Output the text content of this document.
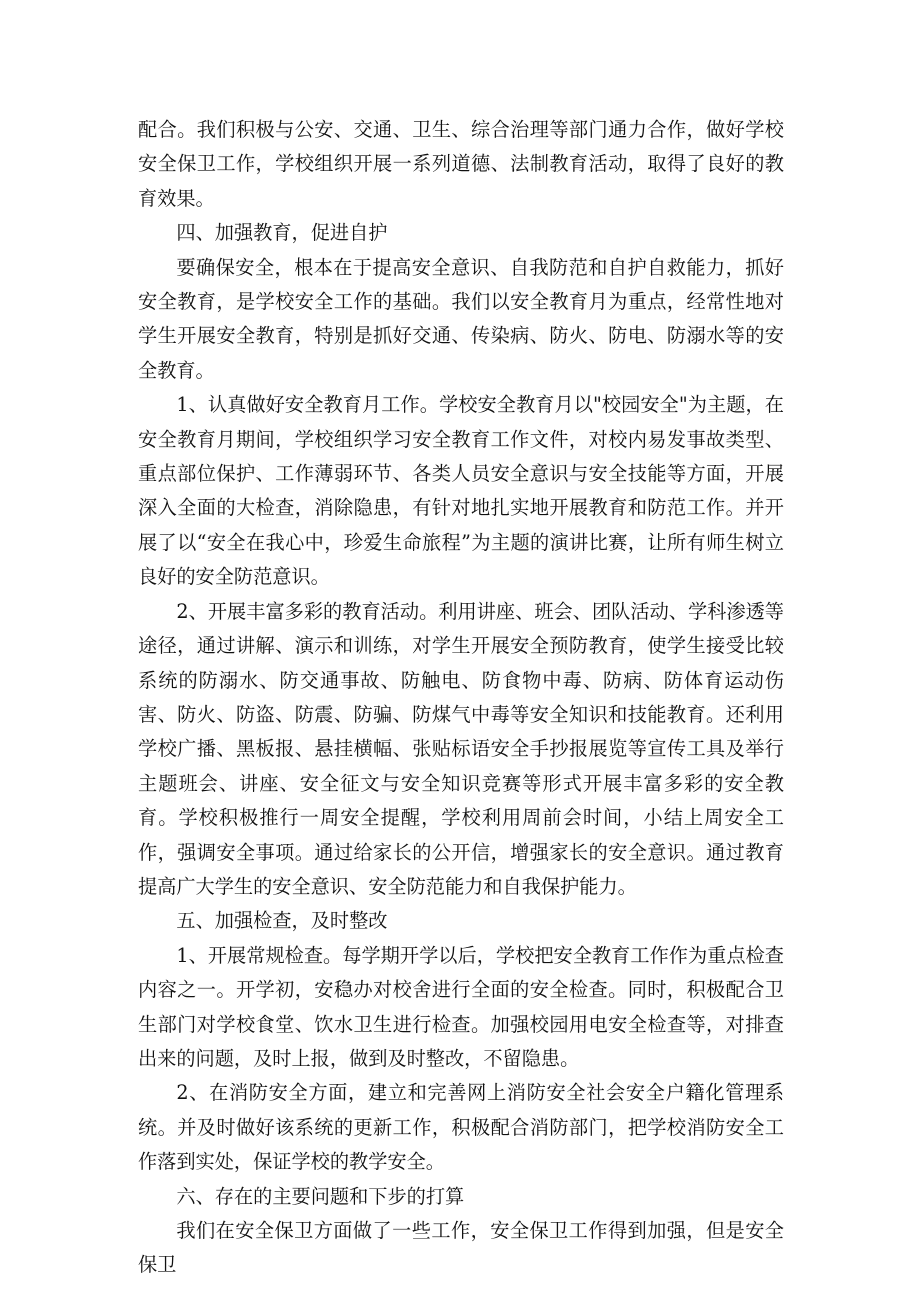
配合。我们积极与公安、交通、卫生、综合治理等部门通力合作，做好学校安全保卫工作，学校组织开展一系列道德、法制教育活动，取得了良好的教育效果。

四、加强教育，促进自护

要确保安全，根本在于提高安全意识、自我防范和自护自救能力，抓好安全教育，是学校安全工作的基础。我们以安全教育月为重点，经常性地对学生开展安全教育，特别是抓好交通、传染病、防火、防电、防溺水等的安全教育。

1、认真做好安全教育月工作。学校安全教育月以"校园安全"为主题，在安全教育月期间，学校组织学习安全教育工作文件，对校内易发事故类型、重点部位保护、工作薄弱环节、各类人员安全意识与安全技能等方面，开展深入全面的大检查，消除隐患，有针对地扎实地开展教育和防范工作。并开展了以“安全在我心中，珍爱生命旅程”为主题的演讲比赛，让所有师生树立良好的安全防范意识。

2、开展丰富多彩的教育活动。利用讲座、班会、团队活动、学科渗透等途径，通过讲解、演示和训练，对学生开展安全预防教育，使学生接受比较系统的防溺水、防交通事故、防触电、防食物中毒、防病、防体育运动伤害、防火、防盗、防震、防骗、防煤气中毒等安全知识和技能教育。还利用学校广播、黑板报、悬挂横幅、张贴标语安全手抄报展览等宣传工具及举行主题班会、讲座、安全征文与安全知识竞赛等形式开展丰富多彩的安全教育。学校积极推行一周安全提醒，学校利用周前会时间，小结上周安全工作，强调安全事项。通过给家长的公开信，增强家长的安全意识。通过教育提高广大学生的安全意识、安全防范能力和自我保护能力。

五、加强检查，及时整改

1、开展常规检查。每学期开学以后，学校把安全教育工作作为重点检查内容之一。开学初，安稳办对校舍进行全面的安全检查。同时，积极配合卫生部门对学校食堂、饮水卫生进行检查。加强校园用电安全检查等，对排查出来的问题，及时上报，做到及时整改，不留隐患。

2、在消防安全方面，建立和完善网上消防安全社会安全户籍化管理系统。并及时做好该系统的更新工作，积极配合消防部门，把学校消防安全工作落到实处，保证学校的教学安全。

六、存在的主要问题和下步的打算

我们在安全保卫方面做了一些工作，安全保卫工作得到加强，但是安全保卫
